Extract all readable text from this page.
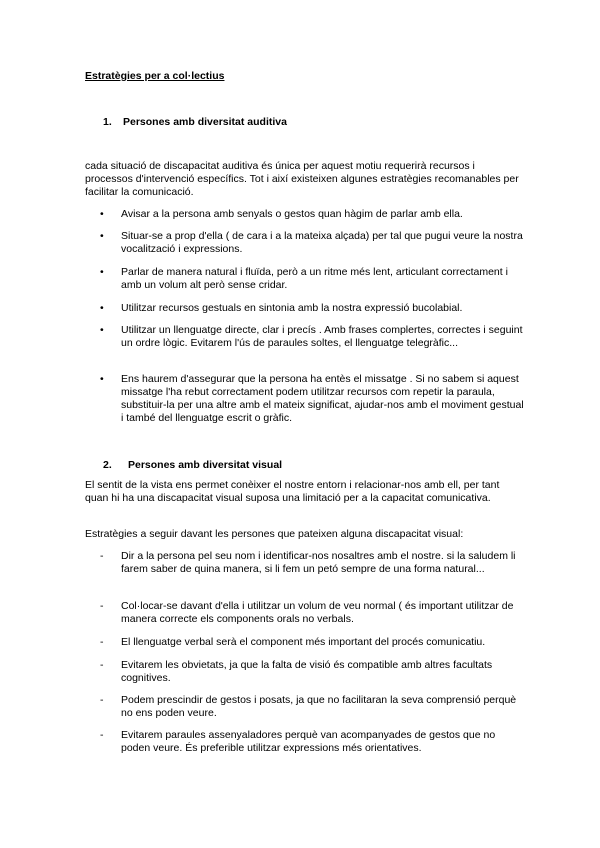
Estratègies per a col·lectius
1. Persones amb diversitat auditiva
cada situació de discapacitat auditiva és única per aquest motiu requerirà recursos i processos d'intervenció específics. Tot i així existeixen algunes estratègies recomanables per facilitar la comunicació.
• Avisar a la persona amb senyals o gestos quan hàgim de parlar amb ella.
• Situar-se a prop d'ella ( de cara i a la mateixa alçada) per tal que pugui veure la nostra vocalització i expressions.
• Parlar de manera natural i fluïda, però a un ritme més lent, articulant correctament i amb un volum alt però sense cridar.
• Utilitzar recursos gestuals en sintonia amb la nostra expressió bucolabial.
• Utilitzar un llenguatge directe, clar i precís . Amb frases complertes, correctes i seguint un ordre lògic. Evitarem l'ús de paraules soltes, el llenguatge telegràfic...
• Ens haurem d'assegurar que la persona ha entès el missatge . Si no sabem si aquest missatge l'ha rebut correctament podem utilitzar recursos com repetir la paraula, substituir-la per una altre amb el mateix significat, ajudar-nos amb el moviment gestual i també del llenguatge escrit o gràfic.
2. Persones amb diversitat visual
El sentit de la vista ens permet conèixer el nostre entorn i relacionar-nos amb ell, per tant quan hi ha una discapacitat visual suposa una limitació per a la capacitat comunicativa.
Estratègies a seguir davant les persones que pateixen alguna discapacitat visual:
- Dir a la persona pel seu nom i identificar-nos nosaltres amb el nostre. si la saludem li farem saber de quina manera, si li fem un petó sempre de una forma natural...
- Col·locar-se davant d'ella i utilitzar un volum de veu normal ( és important utilitzar de manera correcte els components orals no verbals.
- El llenguatge verbal serà el component més important del procés comunicatiu.
- Evitarem les obvietats, ja que la falta de visió és compatible amb altres facultats cognitives.
- Podem prescindir de gestos i posats, ja que no facilitaran la seva comprensió perquè no ens poden veure.
- Evitarem paraules assenyaladores perquè van acompanyades de gestos que no poden veure. És preferible utilitzar expressions més orientatives.
